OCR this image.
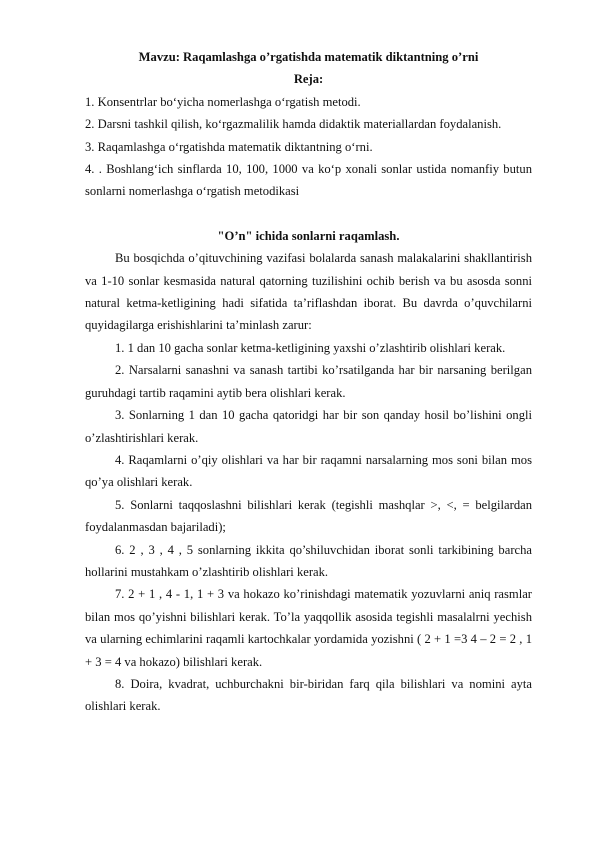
Mavzu: Raqamlashga o’rgatishda matematik diktantning o’rni

Reja:

1. Konsentrlar bo‘yicha nomerlashga o‘rgatish metodi.

2. Darsni tashkil qilish, ko‘rgazmalilik hamda didaktik materiallardan foydalanish.

3. Raqamlashga o‘rgatishda matematik diktantning o‘rni.

4. . Boshlang‘ich sinflarda 10, 100, 1000 va ko‘p xonali sonlar ustida nomanfiy butun sonlarni nomerlashga o‘rgatish metodikasi

"O’n" ichida sonlarni raqamlash.

Bu bosqichda o’qituvchining vazifasi bolalarda sanash malakalarini shakllantirish va 1-10 sonlar kesmasida natural qatorning tuzilishini ochib berish va bu asosda sonni natural ketma-ketligining hadi sifatida ta’riflashdan iborat. Bu davrda o’quvchilarni quyidagilarga erishishlarini ta’minlash zarur:

1. 1 dan 10 gacha sonlar ketma-ketligining yaxshi o’zlashtirib olishlari kerak.

2. Narsalarni sanashni va sanash tartibi ko’rsatilganda har bir narsaning berilgan guruhdagi tartib raqamini aytib bera olishlari kerak.

3. Sonlarning 1 dan 10 gacha qatoridgi har bir son qanday hosil bo’lishini ongli o’zlashtirishlari kerak.

4. Raqamlarni o’qiy olishlari va har bir raqamni narsalarning mos soni bilan mos qo’ya olishlari kerak.

5. Sonlarni taqqoslashni bilishlari kerak (tegishli mashqlar >, <, = belgilardan foydalanmasdan bajariladi);

6. 2 , 3 , 4 , 5 sonlarning ikkita qo’shiluvchidan iborat sonli tarkibining barcha hollarini mustahkam o’zlashtirib olishlari kerak.

7. 2 + 1 , 4 - 1, 1 + 3 va hokazo ko’rinishdagi matematik yozuvlarni aniq rasmlar bilan mos qo’yishni bilishlari kerak. To’la yaqqollik asosida tegishli masalalrni yechish va ularning echimlarini raqamli kartochkalar yordamida yozishni ( 2 + 1 =3 4 – 2 = 2 , 1 + 3 = 4 va hokazo) bilishlari kerak.

8. Doira, kvadrat, uchburchakni bir-biridan farq qila bilishlari va nomini ayta olishlari kerak.
